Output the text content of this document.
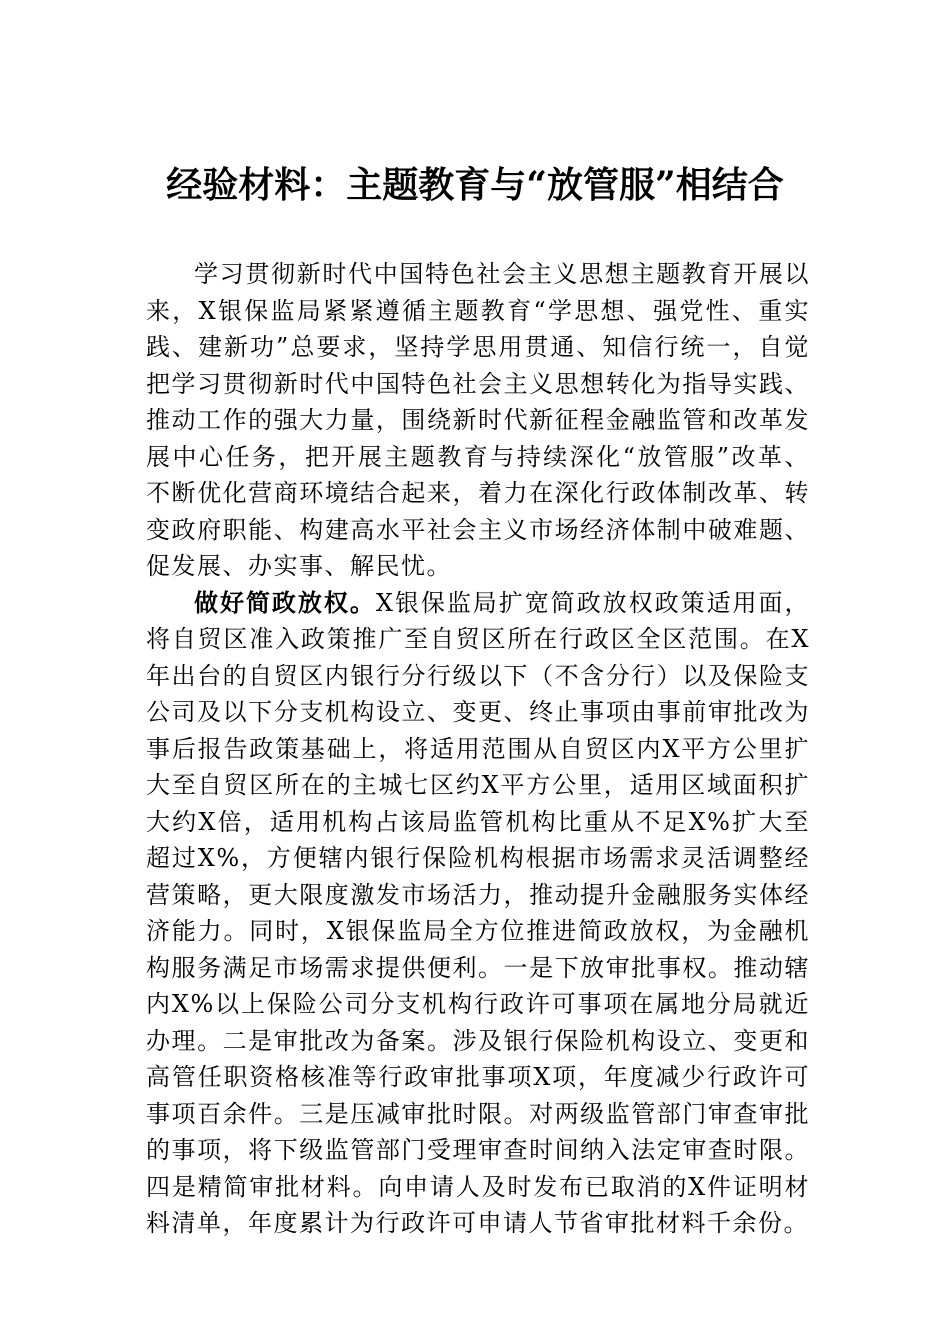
经验材料：主题教育与“放管服”相结合

学习贯彻新时代中国特色社会主义思想主题教育开展以来，X银保监局紧紧遵循主题教育“学思想、强党性、重实践、建新功”总要求，坚持学思用贯通、知信行统一，自觉把学习贯彻新时代中国特色社会主义思想转化为指导实践、推动工作的强大力量，围绕新时代新征程金融监管和改革发展中心任务，把开展主题教育与持续深化“放管服”改革、不断优化营商环境结合起来，着力在深化行政体制改革、转变政府职能、构建高水平社会主义市场经济体制中破难题、促发展、办实事、解民忧。

做好简政放权。X银保监局扩宽简政放权政策适用面，将自贸区准入政策推广至自贸区所在行政区全区范围。在X年出台的自贸区内银行分行级以下（不含分行）以及保险支公司及以下分支机构设立、变更、终止事项由事前审批改为事后报告政策基础上，将适用范围从自贸区内X平方公里扩大至自贸区所在的主城七区约X平方公里，适用区域面积扩大约X倍，适用机构占该局监管机构比重从不足X%扩大至超过X%，方便辖内银行保险机构根据市场需求灵活调整经营策略，更大限度激发市场活力，推动提升金融服务实体经济能力。同时，X银保监局全方位推进简政放权，为金融机构服务满足市场需求提供便利。一是下放审批事权。推动辖内X%以上保险公司分支机构行政许可事项在属地分局就近办理。二是审批改为备案。涉及银行保险机构设立、变更和高管任职资格核准等行政审批事项X项，年度减少行政许可事项百余件。三是压减审批时限。对两级监管部门审查审批的事项，将下级监管部门受理审查时间纳入法定审查时限。四是精简审批材料。向申请人及时发布已取消的X件证明材料清单，年度累计为行政许可申请人节省审批材料千余份。
